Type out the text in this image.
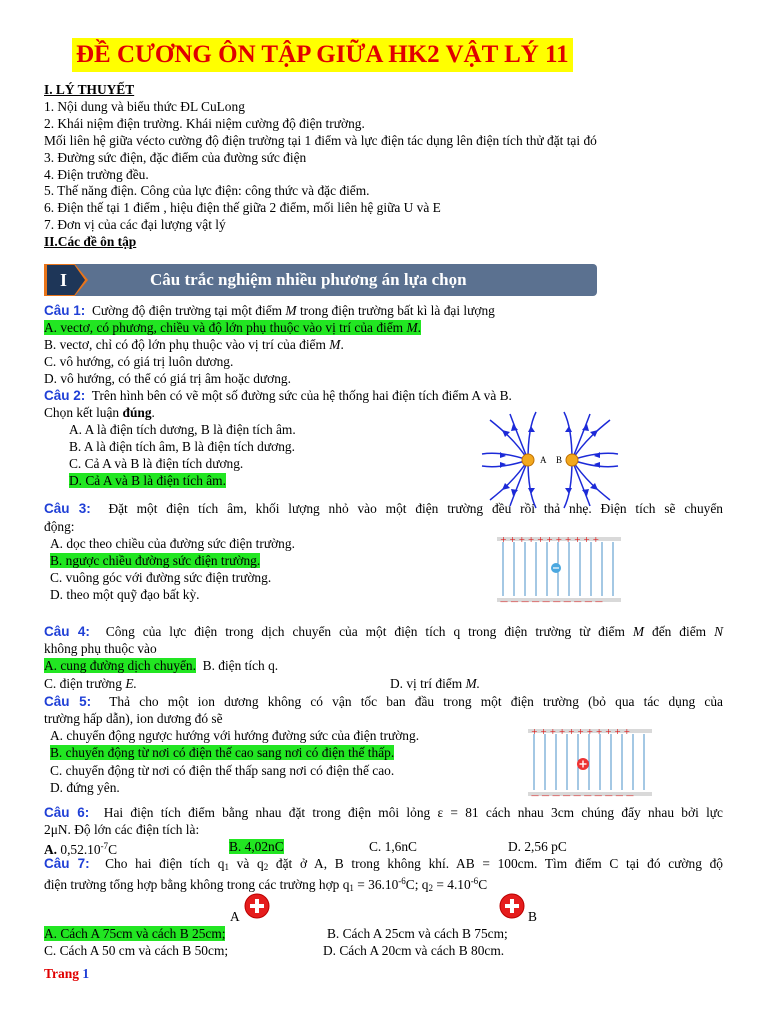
ĐỀ CƯƠNG ÔN TẬP GIỮA HK2 VẬT LÝ 11
I. LÝ THUYẾT
1. Nội dung và biểu thức ĐL CuLong
2. Khái niệm điện trường. Khái niệm cường độ điện trường.
Mối liên hệ giữa vécto cường độ điện trường tại 1 điểm và lực điện tác dụng lên điện tích thử đặt tại đó
3. Đường sức điện, đặc điểm của đường sức điện
4. Điện trường đều.
5. Thế năng điện. Công của lực điện: công thức và đặc điểm.
6. Điện thế tại 1 điểm , hiệu điện thế giữa 2 điểm, mối liên hệ giữa U và E
7. Đơn vị của các đại lượng vật lý
II.Các đề ôn tập
I	Câu trắc nghiệm nhiều phương án lựa chọn
Câu 1: Cường độ điện trường tại một điểm M trong điện trường bất kì là đại lượng
A. vectơ, có phương, chiều và độ lớn phụ thuộc vào vị trí của điểm M.
B. vectơ, chỉ có độ lớn phụ thuộc vào vị trí của điểm M.
C. vô hướng, có giá trị luôn dương.
D. vô hướng, có thể có giá trị âm hoặc dương.
Câu 2: Trên hình bên có vẽ một số đường sức của hệ thống hai điện tích điểm A và B.
Chọn kết luận đúng.
A. A là điện tích dương, B là điện tích âm.
B. A là điện tích âm, B là điện tích dương.
C. Cả A và B là điện tích dương.
D. Cả A và B là điện tích âm.
A B
Câu 3: Đặt một điện tích âm, khối lượng nhỏ vào một điện trường đều rồi thả nhẹ. Điện tích sẽ chuyển
động:
A. dọc theo chiều của đường sức điện trường.
B. ngược chiều đường sức điện trường.
C. vuông góc với đường sức điện trường.
D. theo một quỹ đạo bất kỳ.
+ + + + + + + + + + +
— — — — — — — — — —
Câu 4: Công của lực điện trong dịch chuyển của một điện tích q trong điện trường từ điểm M đến điểm N
không phụ thuộc vào
A. cung đường dịch chuyển. B. điện tích q.
C. điện trường E.	D. vị trí điểm M.
Câu 5: Thả cho một ion dương không có vận tốc ban đầu trong một điện trường (bỏ qua tác dụng của
trường hấp dẫn), ion dương đó sẽ
A. chuyển động ngược hướng với hướng đường sức của điện trường.
B. chuyển động từ nơi có điện thế cao sang nơi có điện thế thấp.
C. chuyển động từ nơi có điện thế thấp sang nơi có điện thế cao.
D. đứng yên.
+ + + + + + + + + + +
— — — — — — — — — —
Câu 6: Hai điện tích điểm bằng nhau đặt trong điện môi lỏng ε = 81 cách nhau 3cm chúng đẩy nhau bởi lực
2μN. Độ lớn các điện tích là:
A. $0,52.10^{-7}C$	B. 4,02nC	C. 1,6nC	D. 2,56 pC
Câu 7: Cho hai điện tích $q_1$ và $q_2$ đặt ở A, B trong không khí. AB = 100cm. Tìm điểm C tại đó cường độ
điện trường tổng hợp bằng không trong các trường hợp $q_1 = 36.10^{-6}C$; $q_2 = 4.10^{-6}C$
A	B
A. Cách A 75cm và cách B 25cm;	B. Cách A 25cm và cách B 75cm;
C. Cách A 50 cm và cách B 50cm;	D. Cách A 20cm và cách B 80cm.
Trang 1
